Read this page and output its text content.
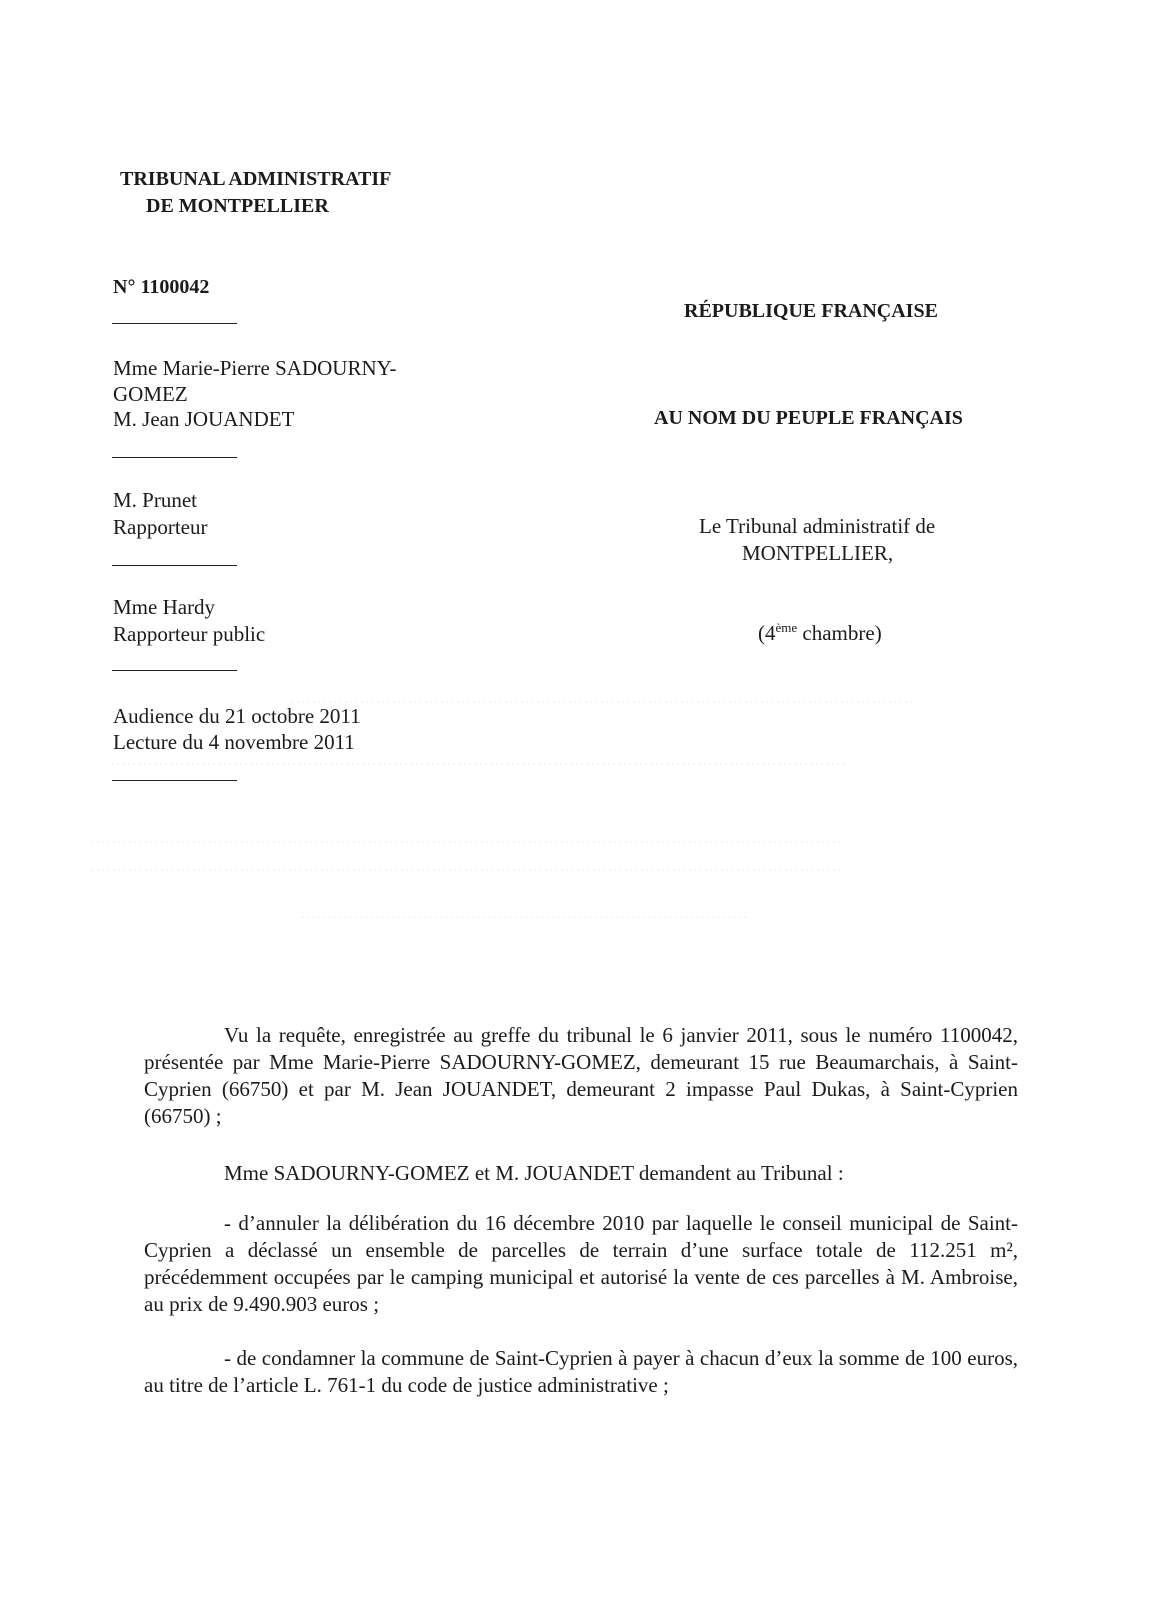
………………………………………………………………………………………………………
…………………………………………………………………………………………………………………………
……………………………………………………………………………………………………………………………
……………………………………………………………………………………………………………………………
…………………………………………………………………………
TRIBUNAL ADMINISTRATIF
DE MONTPELLIER
N° 1100042
RÉPUBLIQUE FRANÇAISE
Mme Marie-Pierre SADOURNY-
GOMEZ
M. Jean JOUANDET	AU NOM DU PEUPLE FRANÇAIS
M. Prunet
Rapporteur	Le Tribunal administratif de
MONTPELLIER,
Mme Hardy
Rapporteur public	(4ème chambre)
Audience du 21 octobre 2011
Lecture du 4 novembre 2011
Vu la requête, enregistrée au greffe du tribunal le 6 janvier 2011, sous le numéro 1100042, présentée par Mme Marie-Pierre SADOURNY-GOMEZ, demeurant 15 rue Beaumarchais, à Saint-Cyprien (66750) et par M. Jean JOUANDET, demeurant 2 impasse Paul Dukas, à Saint-Cyprien (66750) ;
Mme SADOURNY-GOMEZ et M. JOUANDET demandent au Tribunal :
- d’annuler la délibération du 16 décembre 2010 par laquelle le conseil municipal de Saint-Cyprien a déclassé un ensemble de parcelles de terrain d’une surface totale de 112.251 m², précédemment occupées par le camping municipal et autorisé la vente de ces parcelles à M. Ambroise, au prix de 9.490.903 euros ;
- de condamner la commune de Saint-Cyprien à payer à chacun d’eux la somme de 100 euros, au titre de l’article L. 761-1 du code de justice administrative ;
